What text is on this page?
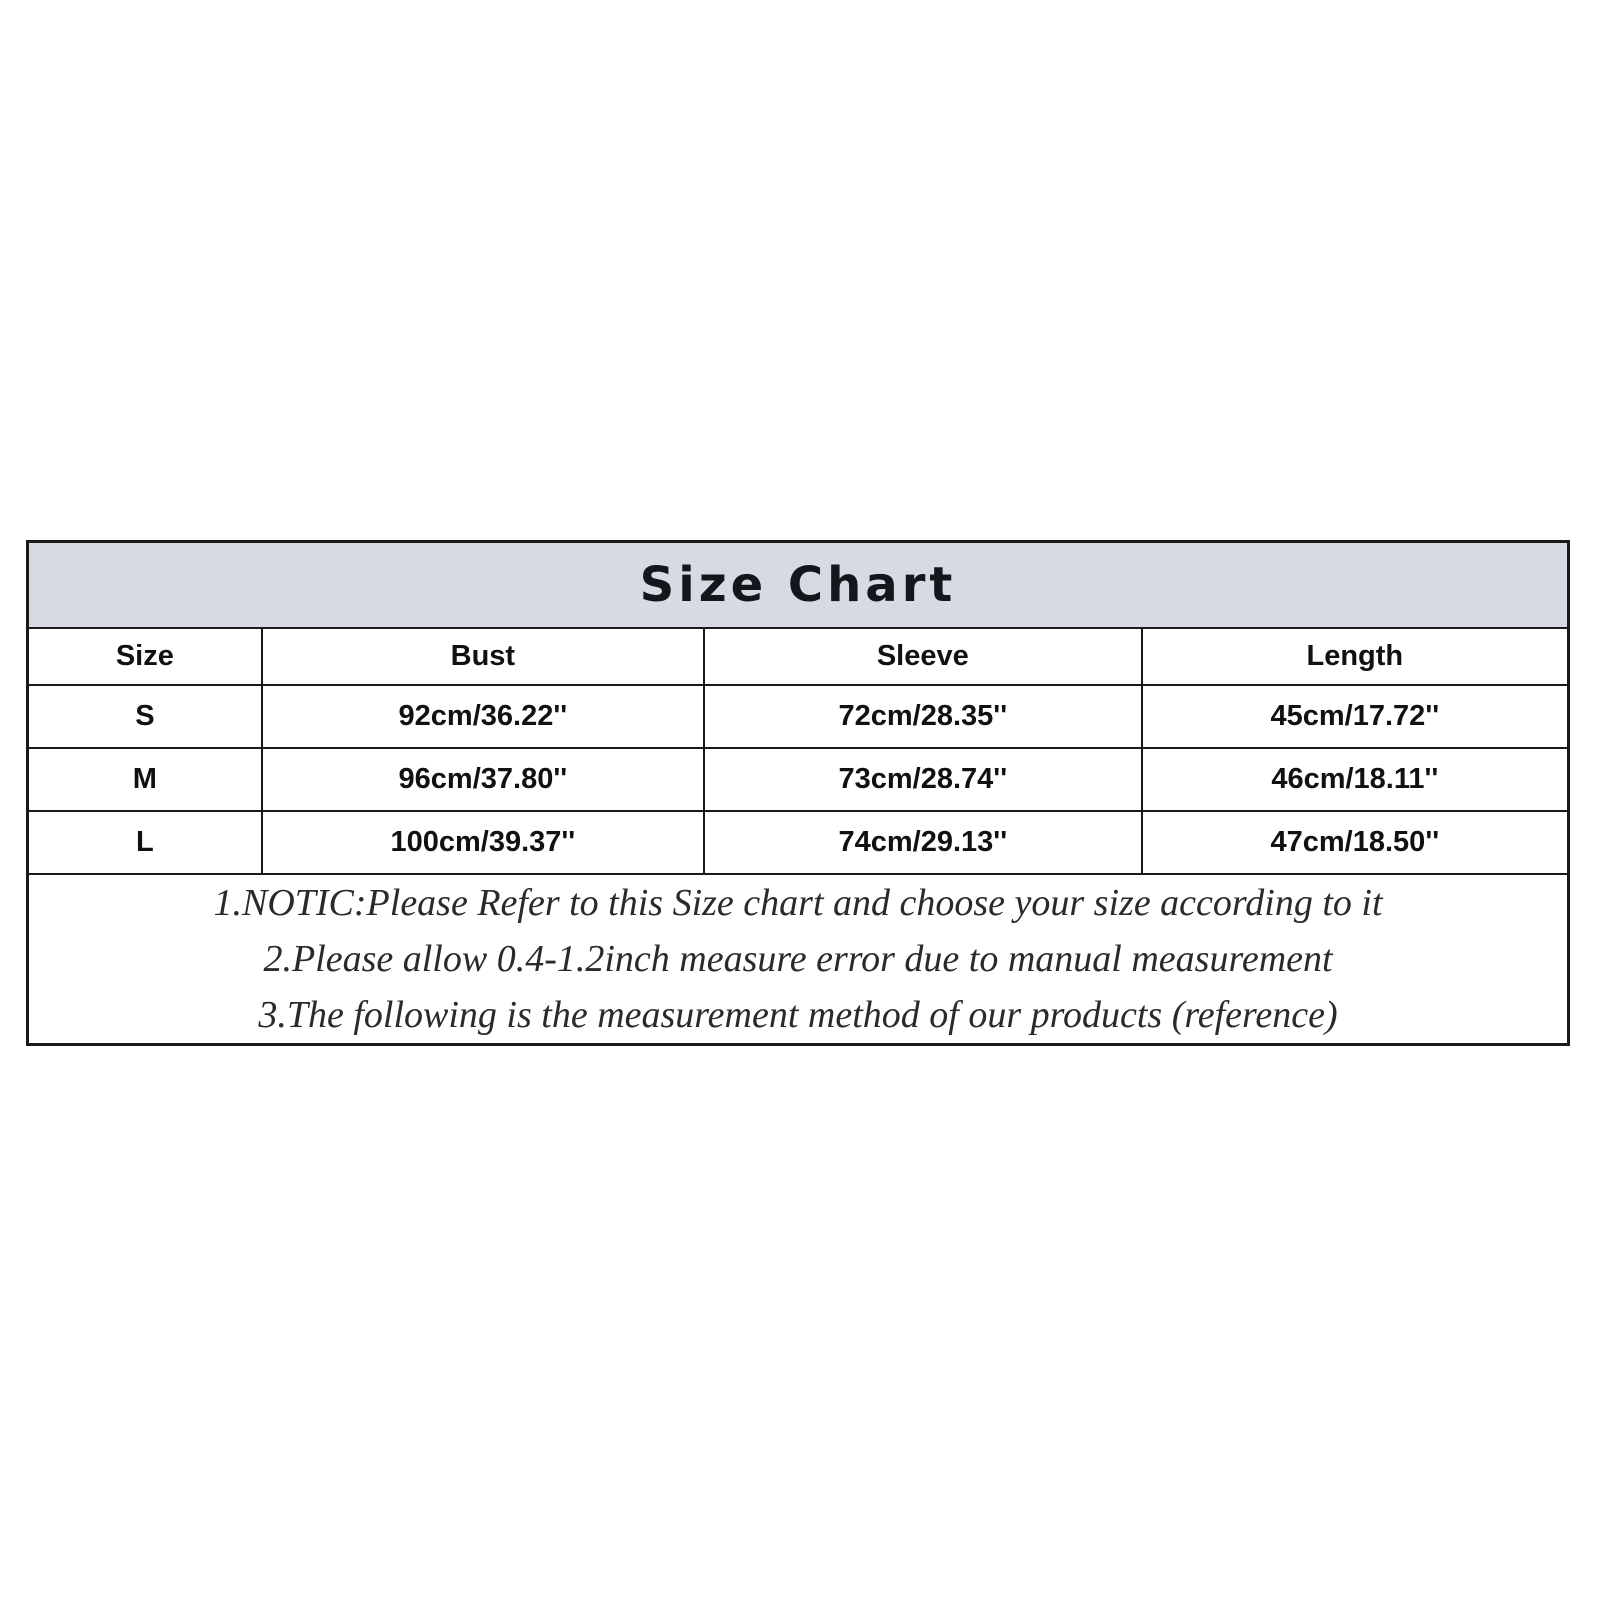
Size Chart			
Size	Bust	Sleeve	Length
S	92cm/36.22''	72cm/28.35''	45cm/17.72''
M	96cm/37.80''	73cm/28.74''	46cm/18.11''
L	100cm/39.37''	74cm/29.13''	47cm/18.50''

1.NOTIC:Please Refer to this Size chart and choose your size according to it
2.Please allow 0.4-1.2inch measure error due to manual measurement
3.The following is the measurement method of our products (reference)			
